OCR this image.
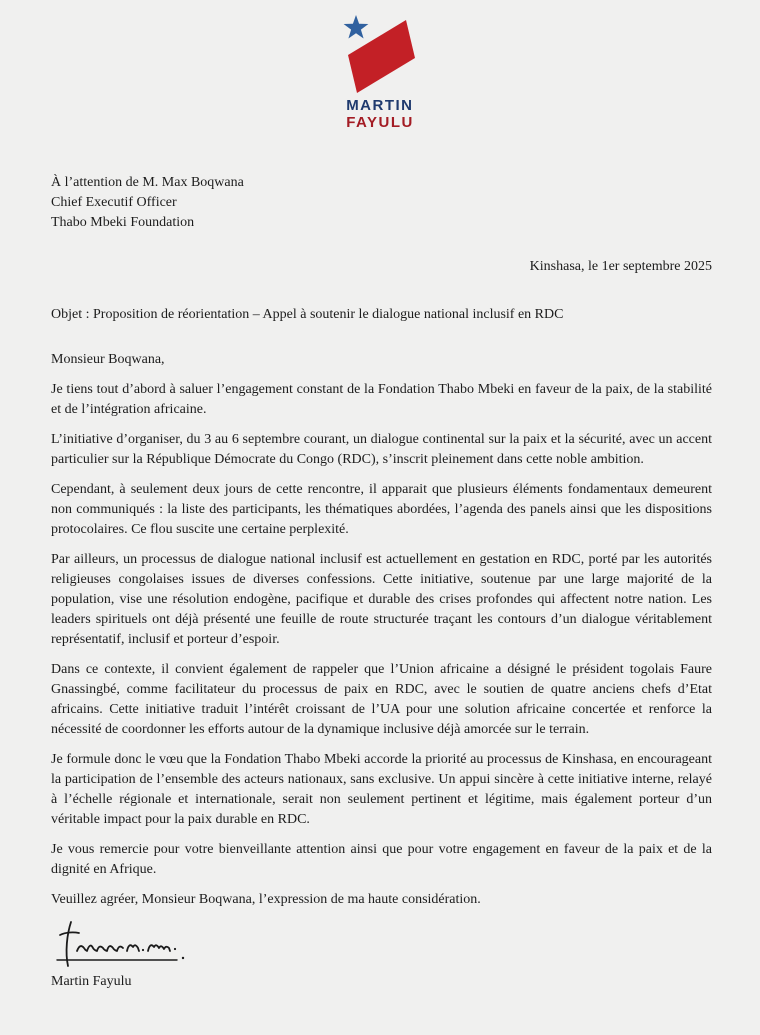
MARTIN
FAYULU
À l’attention de M. Max Boqwana
Chief Executif Officer
Thabo Mbeki Foundation
Kinshasa, le 1er septembre 2025
Objet : Proposition de réorientation – Appel à soutenir le dialogue national inclusif en RDC
Monsieur Boqwana,

Je tiens tout d’abord à saluer l’engagement constant de la Fondation Thabo Mbeki en faveur de la paix, de la stabilité et de l’intégration africaine.

L’initiative d’organiser, du 3 au 6 septembre courant, un dialogue continental sur la paix et la sécurité, avec un accent particulier sur la République Démocrate du Congo (RDC), s’inscrit pleinement dans cette noble ambition.

Cependant, à seulement deux jours de cette rencontre, il apparait que plusieurs éléments fondamentaux demeurent non communiqués : la liste des participants, les thématiques abordées, l’agenda des panels ainsi que les dispositions protocolaires. Ce flou suscite une certaine perplexité.

Par ailleurs, un processus de dialogue national inclusif est actuellement en gestation en RDC, porté par les autorités religieuses congolaises issues de diverses confessions. Cette initiative, soutenue par une large majorité de la population, vise une résolution endogène, pacifique et durable des crises profondes qui affectent notre nation. Les leaders spirituels ont déjà présenté une feuille de route structurée traçant les contours d’un dialogue véritablement représentatif, inclusif et porteur d’espoir.

Dans ce contexte, il convient également de rappeler que l’Union africaine a désigné le président togolais Faure Gnassingbé, comme facilitateur du processus de paix en RDC, avec le soutien de quatre anciens chefs d’Etat africains. Cette initiative traduit l’intérêt croissant de l’UA pour une solution africaine concertée et renforce la nécessité de coordonner les efforts autour de la dynamique inclusive déjà amorcée sur le terrain.

Je formule donc le vœu que la Fondation Thabo Mbeki accorde la priorité au processus de Kinshasa, en encourageant la participation de l’ensemble des acteurs nationaux, sans exclusive. Un appui sincère à cette initiative interne, relayé à l’échelle régionale et internationale, serait non seulement pertinent et légitime, mais également porteur d’un véritable impact pour la paix durable en RDC.

Je vous remercie pour votre bienveillante attention ainsi que pour votre engagement en faveur de la paix et de la dignité en Afrique.

Veuillez agréer, Monsieur Boqwana, l’expression de ma haute considération.

Martin Fayulu
